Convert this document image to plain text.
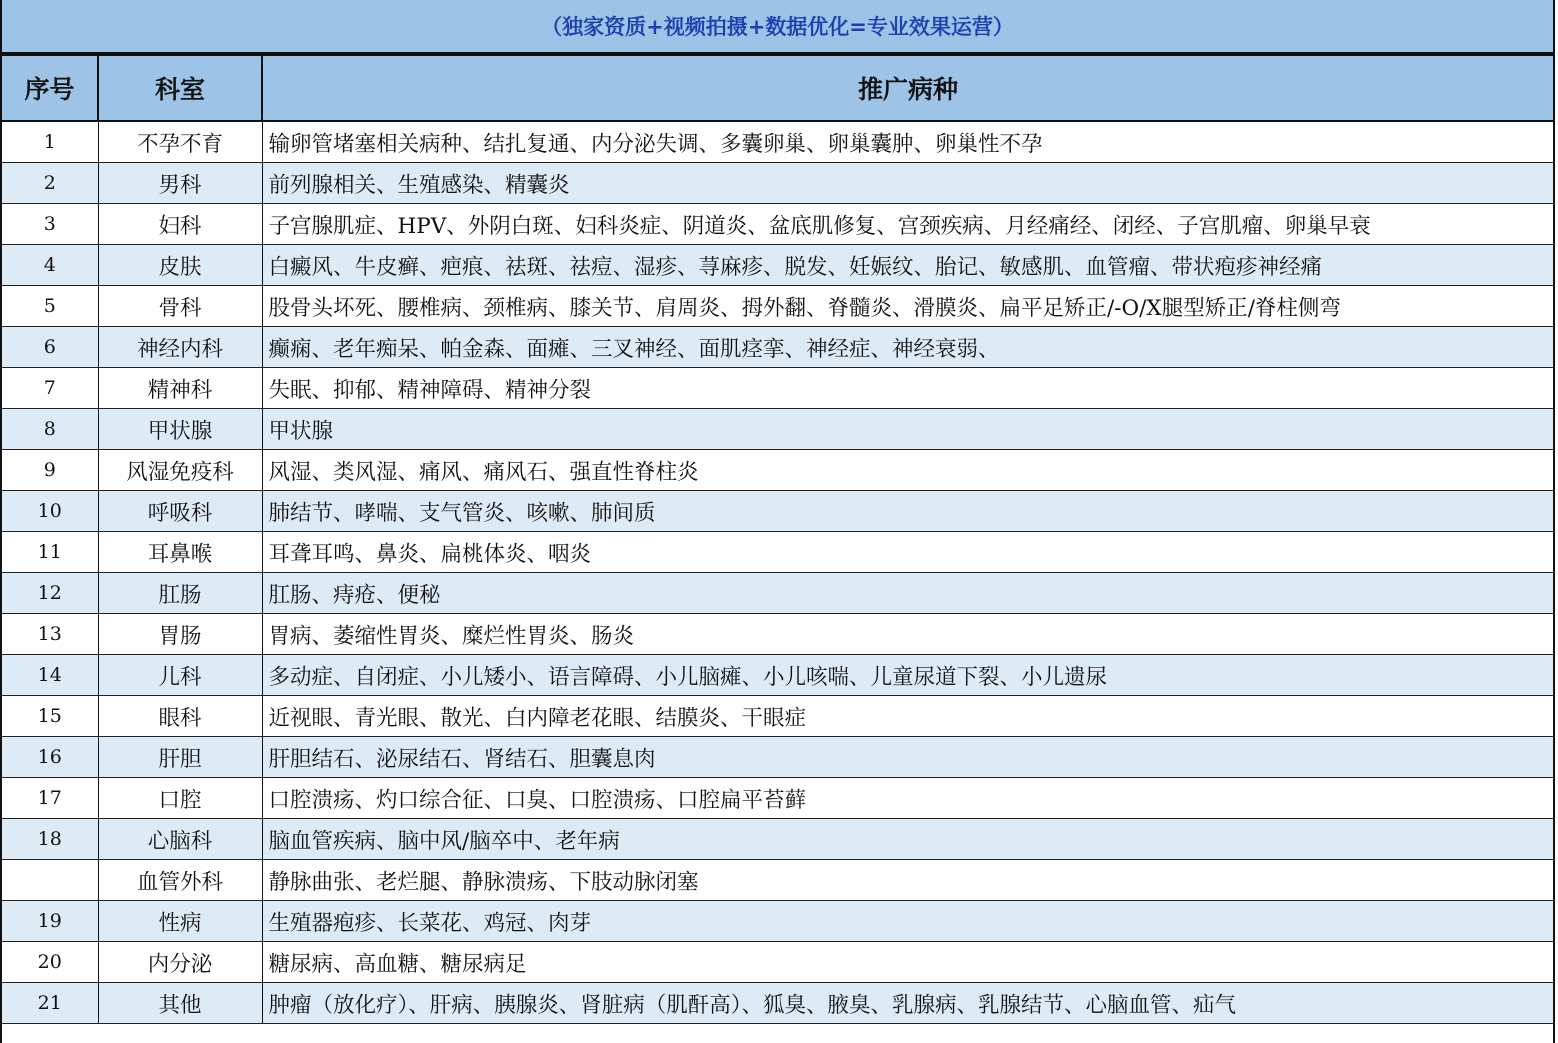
（独家资质+视频拍摄+数据优化=专业效果运营）
序号	科室	推广病种
1	不孕不育	输卵管堵塞相关病种、结扎复通、内分泌失调、多囊卵巢、卵巢囊肿、卵巢性不孕
2	男科	前列腺相关、生殖感染、精囊炎
3	妇科	子宫腺肌症、HPV、外阴白斑、妇科炎症、阴道炎、盆底肌修复、宫颈疾病、月经痛经、闭经、子宫肌瘤、卵巢早衰
4	皮肤	白癜风、牛皮癣、疤痕、祛斑、祛痘、湿疹、荨麻疹、脱发、妊娠纹、胎记、敏感肌、血管瘤、带状疱疹神经痛
5	骨科	股骨头坏死、腰椎病、颈椎病、膝关节、肩周炎、拇外翻、脊髓炎、滑膜炎、扁平足矫正/-O/X腿型矫正/脊柱侧弯
6	神经内科	癫痫、老年痴呆、帕金森、面瘫、三叉神经、面肌痉挛、神经症、神经衰弱、
7	精神科	失眠、抑郁、精神障碍、精神分裂
8	甲状腺	甲状腺
9	风湿免疫科	风湿、类风湿、痛风、痛风石、强直性脊柱炎
10	呼吸科	肺结节、哮喘、支气管炎、咳嗽、肺间质
11	耳鼻喉	耳聋耳鸣、鼻炎、扁桃体炎、咽炎
12	肛肠	肛肠、痔疮、便秘
13	胃肠	胃病、萎缩性胃炎、糜烂性胃炎、肠炎
14	儿科	多动症、自闭症、小儿矮小、语言障碍、小儿脑瘫、小儿咳喘、儿童尿道下裂、小儿遗尿
15	眼科	近视眼、青光眼、散光、白内障老花眼、结膜炎、干眼症
16	肝胆	肝胆结石、泌尿结石、肾结石、胆囊息肉
17	口腔	口腔溃疡、灼口综合征、口臭、口腔溃疡、口腔扁平苔藓
18	心脑科	脑血管疾病、脑中风/脑卒中、老年病
	血管外科	静脉曲张、老烂腿、静脉溃疡、下肢动脉闭塞
19	性病	生殖器疱疹、长菜花、鸡冠、肉芽
20	内分泌	糖尿病、高血糖、糖尿病足
21	其他	肿瘤（放化疗）、肝病、胰腺炎、肾脏病（肌酐高）、狐臭、腋臭、乳腺病、乳腺结节、心脑血管、疝气
